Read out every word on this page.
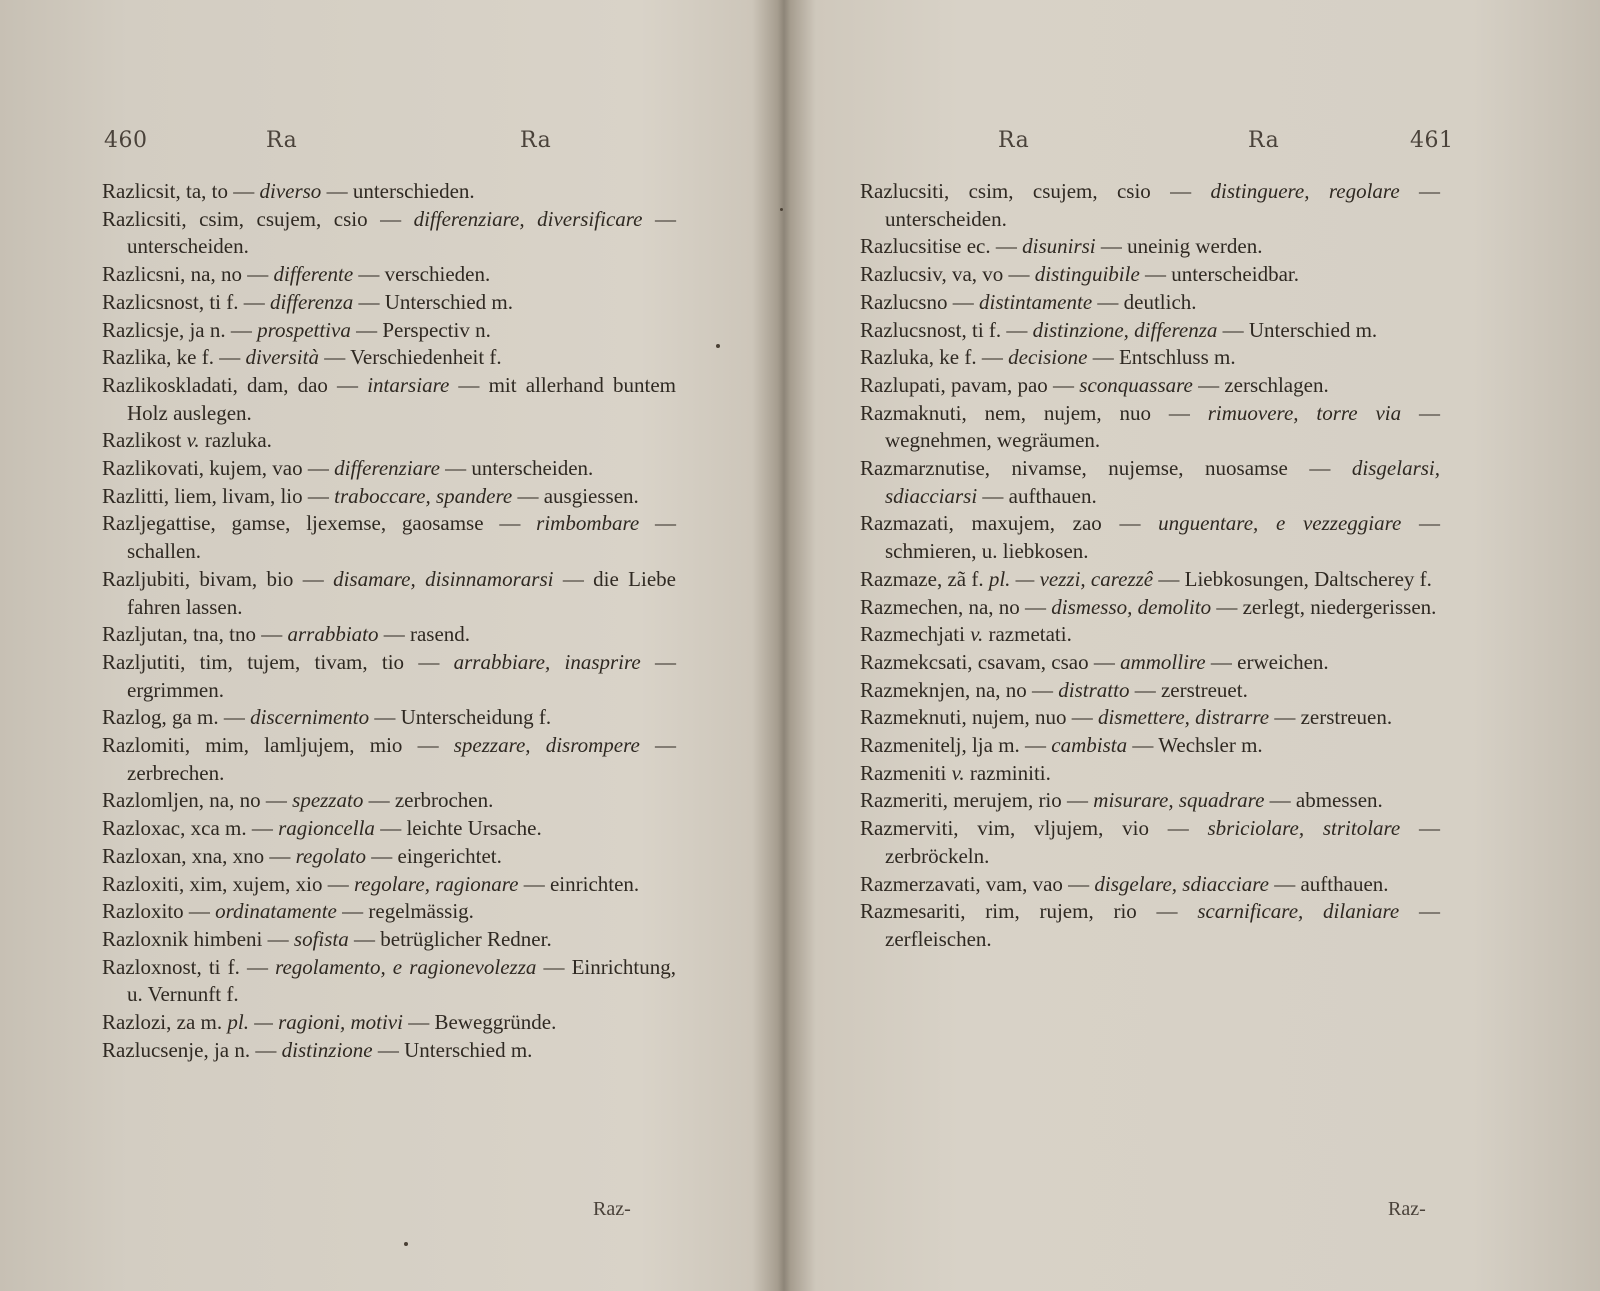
460	Ra	Ra
Razlicsit, ta, to — diverso — unterschieden.
Razlicsiti, csim, csujem, csio — differenziare, diversificare — unterscheiden.
Razlicsni, na, no — differente — verschieden.
Razlicsnost, ti f. — differenza — Unterschied m.
Razlicsje, ja n. — prospettiva — Perspectiv n.
Razlika, ke f. — diversità — Verschiedenheit f.
Razlikoskladati, dam, dao — intarsiare — mit allerhand buntem Holz auslegen.
Razlikost v. razluka.
Razlikovati, kujem, vao — differenziare — unterscheiden.
Razlitti, liem, livam, lio — traboccare, spandere — ausgiessen.
Razljegattise, gamse, ljexemse, gaosamse — rimbombare — schallen.
Razljubiti, bivam, bio — disamare, disinnamorarsi — die Liebe fahren lassen.
Razljutan, tna, tno — arrabbiato — rasend.
Razljutiti, tim, tujem, tivam, tio — arrabbiare, inasprire — ergrimmen.
Razlog, ga m. — discernimento — Unterscheidung f.
Razlomiti, mim, lamljujem, mio — spezzare, disrompere — zerbrechen.
Razlomljen, na, no — spezzato — zerbrochen.
Razloxac, xca m. — ragioncella — leichte Ursache.
Razloxan, xna, xno — regolato — eingerichtet.
Razloxiti, xim, xujem, xio — regolare, ragionare — einrichten.
Razloxito — ordinatamente — regelmässig.
Razloxnik himbeni — sofista — betrüglicher Redner.
Razloxnost, ti f. — regolamento, e ragionevolezza — Einrichtung, u. Vernunft f.
Razlozi, za m. pl. — ragioni, motivi — Beweggründe.
Razlucsenje, ja n. — distinzione — Unterschied m.
Raz-
Ra	Ra	461
Razlucsiti, csim, csujem, csio — distinguere, regolare — unterscheiden.
Razlucsitise ec. — disunirsi — uneinig werden.
Razlucsiv, va, vo — distinguibile — unterscheidbar.
Razlucsno — distintamente — deutlich.
Razlucsnost, ti f. — distinzione, differenza — Unterschied m.
Razluka, ke f. — decisione — Entschluss m.
Razlupati, pavam, pao — sconquassare — zerschlagen.
Razmaknuti, nem, nujem, nuo — rimuovere, torre via — wegnehmen, wegräumen.
Razmarznutise, nivamse, nujemse, nuosamse — disgelarsi, sdiacciarsi — aufthauen.
Razmazati, maxujem, zao — unguentare, e vezzeggiare — schmieren, u. liebkosen.
Razmaze, zã f. pl. — vezzi, carezzê — Liebkosungen, Daltscherey f.
Razmechen, na, no — dismesso, demolito — zerlegt, niedergerissen.
Razmechjati v. razmetati.
Razmekcsati, csavam, csao — ammollire — erweichen.
Razmeknjen, na, no — distratto — zerstreuet.
Razmeknuti, nujem, nuo — dismettere, distrarre — zerstreuen.
Razmenitelj, lja m. — cambista — Wechsler m.
Razmeniti v. razminiti.
Razmeriti, merujem, rio — misurare, squadrare — abmessen.
Razmerviti, vim, vljujem, vio — sbriciolare, stritolare — zerbröckeln.
Razmerzavati, vam, vao — disgelare, sdiacciare — aufthauen.
Razmesariti, rim, rujem, rio — scarnificare, dilaniare — zerfleischen.
Raz-
